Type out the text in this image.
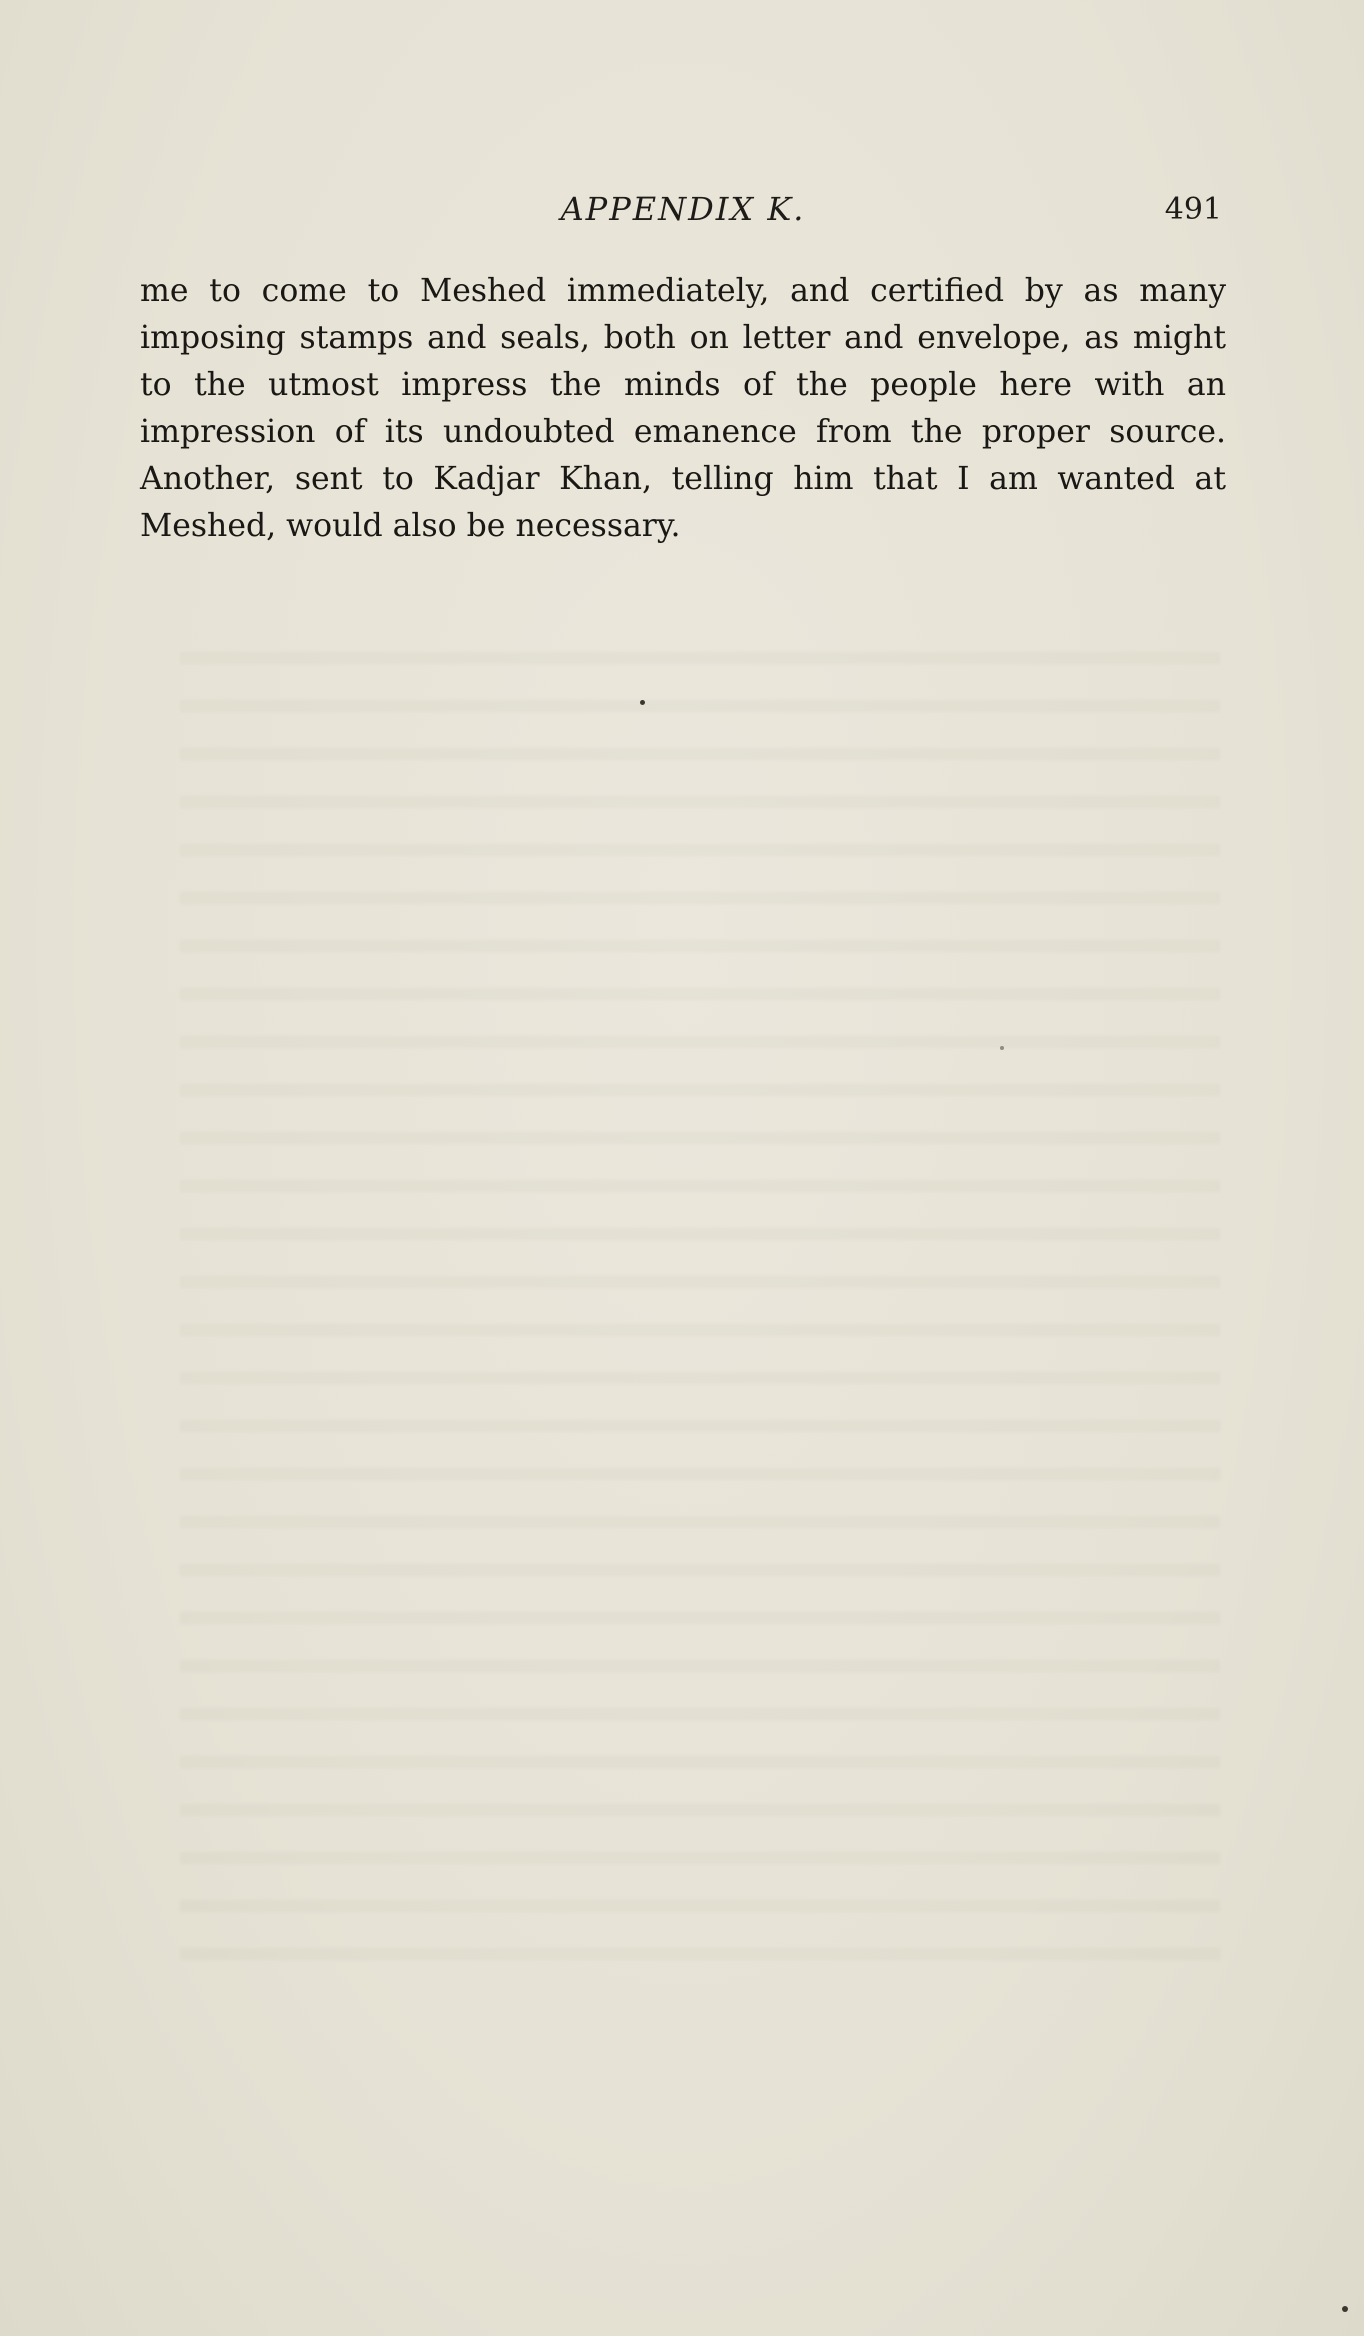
APPENDIX K.	491
me to come to Meshed immediately, and certified by as many
imposing stamps and seals, both on letter and envelope, as might
to the utmost impress the minds of the people here with an
impression of its undoubted emanence from the proper source.
Another, sent to Kadjar Khan, telling him that I am wanted at
Meshed, would also be necessary.
